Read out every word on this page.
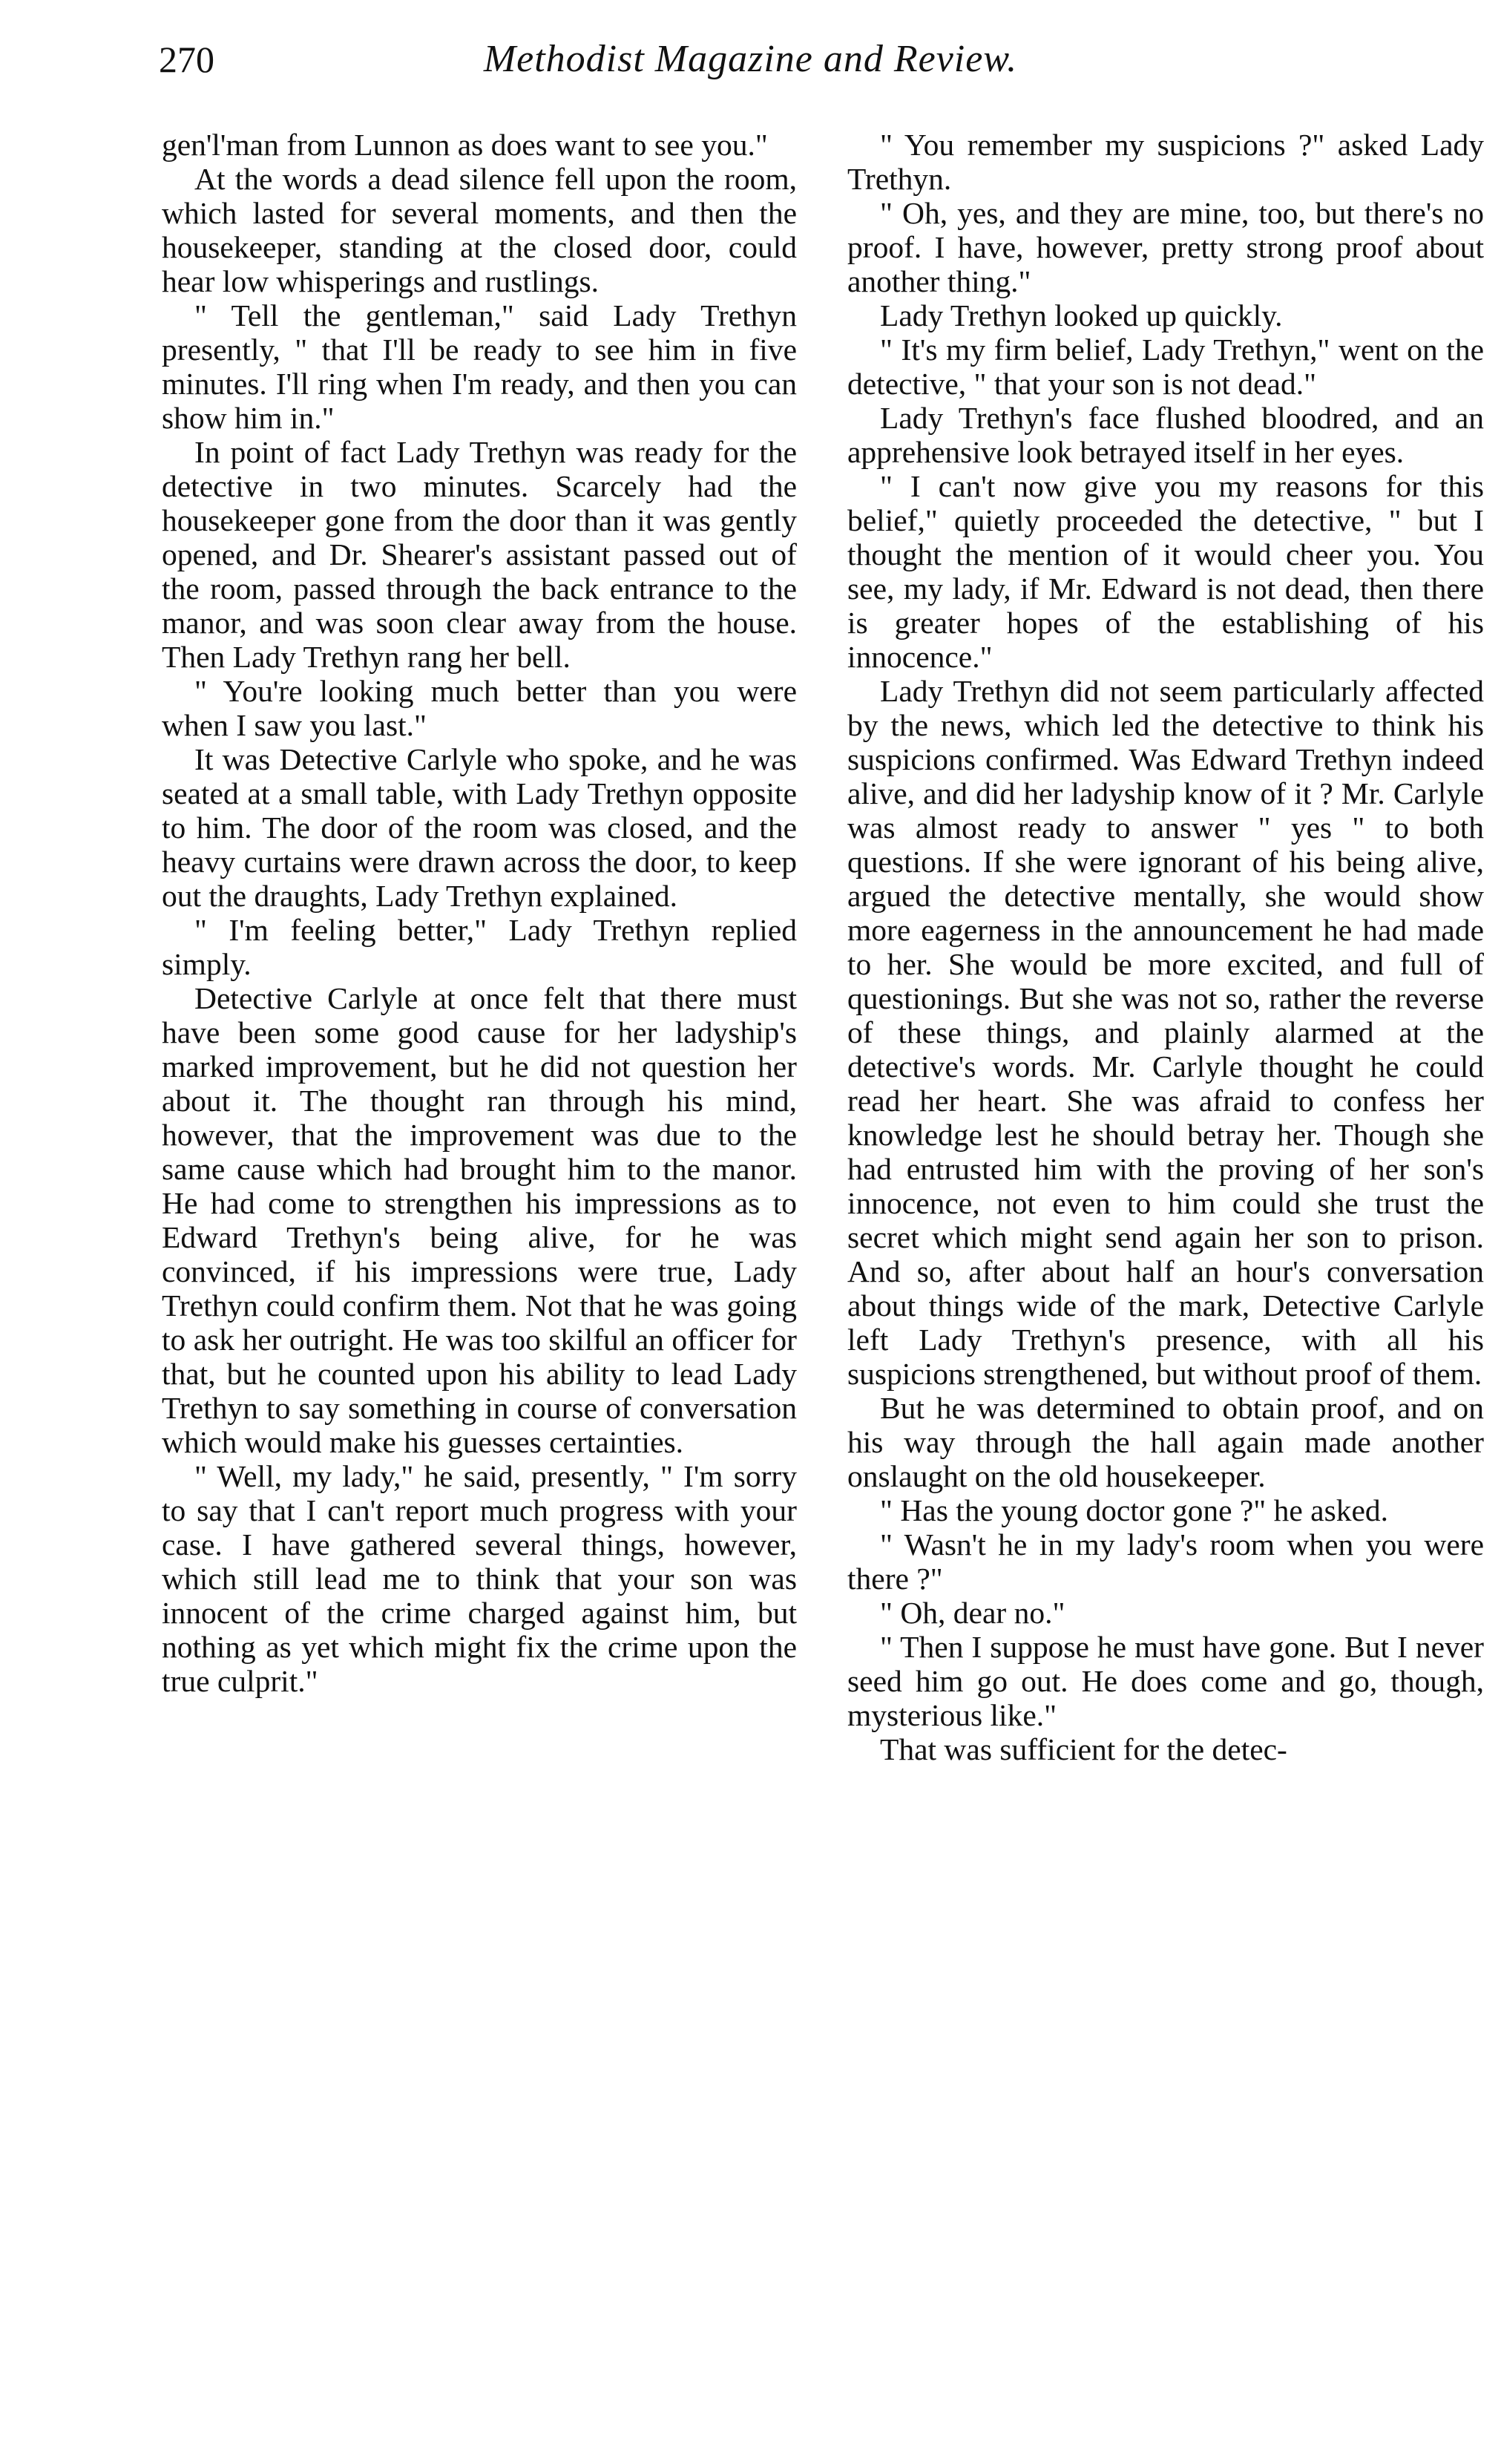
270	Methodist Magazine and Review.

gen'l'man from Lunnon as does want to see you."

At the words a dead silence fell upon the room, which lasted for several moments, and then the housekeeper, standing at the closed door, could hear low whisperings and rustlings.

" Tell the gentleman," said Lady Trethyn presently, " that I'll be ready to see him in five minutes. I'll ring when I'm ready, and then you can show him in."

In point of fact Lady Trethyn was ready for the detective in two minutes. Scarcely had the housekeeper gone from the door than it was gently opened, and Dr. Shearer's assistant passed out of the room, passed through the back entrance to the manor, and was soon clear away from the house. Then Lady Trethyn rang her bell.

" You're looking much better than you were when I saw you last."

It was Detective Carlyle who spoke, and he was seated at a small table, with Lady Trethyn opposite to him. The door of the room was closed, and the heavy curtains were drawn across the door, to keep out the draughts, Lady Trethyn explained.

" I'm feeling better," Lady Trethyn replied simply.

Detective Carlyle at once felt that there must have been some good cause for her ladyship's marked improvement, but he did not question her about it. The thought ran through his mind, however, that the improvement was due to the same cause which had brought him to the manor. He had come to strengthen his impressions as to Edward Trethyn's being alive, for he was convinced, if his impressions were true, Lady Trethyn could confirm them. Not that he was going to ask her outright. He was too skilful an officer for that, but he counted upon his ability to lead Lady Trethyn to say something in course of conversation which would make his guesses certainties.

" Well, my lady," he said, presently, " I'm sorry to say that I can't report much progress with your case. I have gathered several things, however, which still lead me to think that your son was innocent of the crime charged against him, but nothing as yet which might fix the crime upon the true culprit."

" You remember my suspicions ?" asked Lady Trethyn.

" Oh, yes, and they are mine, too, but there's no proof. I have, however, pretty strong proof about another thing."

Lady Trethyn looked up quickly.

" It's my firm belief, Lady Trethyn," went on the detective, " that your son is not dead."

Lady Trethyn's face flushed bloodred, and an apprehensive look betrayed itself in her eyes.

" I can't now give you my reasons for this belief," quietly proceeded the detective, " but I thought the mention of it would cheer you. You see, my lady, if Mr. Edward is not dead, then there is greater hopes of the establishing of his innocence."

Lady Trethyn did not seem particularly affected by the news, which led the detective to think his suspicions confirmed. Was Edward Trethyn indeed alive, and did her ladyship know of it ? Mr. Carlyle was almost ready to answer " yes " to both questions. If she were ignorant of his being alive, argued the detective mentally, she would show more eagerness in the announcement he had made to her. She would be more excited, and full of questionings. But she was not so, rather the reverse of these things, and plainly alarmed at the detective's words. Mr. Carlyle thought he could read her heart. She was afraid to confess her knowledge lest he should betray her. Though she had entrusted him with the proving of her son's innocence, not even to him could she trust the secret which might send again her son to prison. And so, after about half an hour's conversation about things wide of the mark, Detective Carlyle left Lady Trethyn's presence, with all his suspicions strengthened, but without proof of them.

But he was determined to obtain proof, and on his way through the hall again made another onslaught on the old housekeeper.

" Has the young doctor gone ?" he asked.

" Wasn't he in my lady's room when you were there ?"

" Oh, dear no."

" Then I suppose he must have gone. But I never seed him go out. He does come and go, though, mysterious like."

That was sufficient for the detec-
